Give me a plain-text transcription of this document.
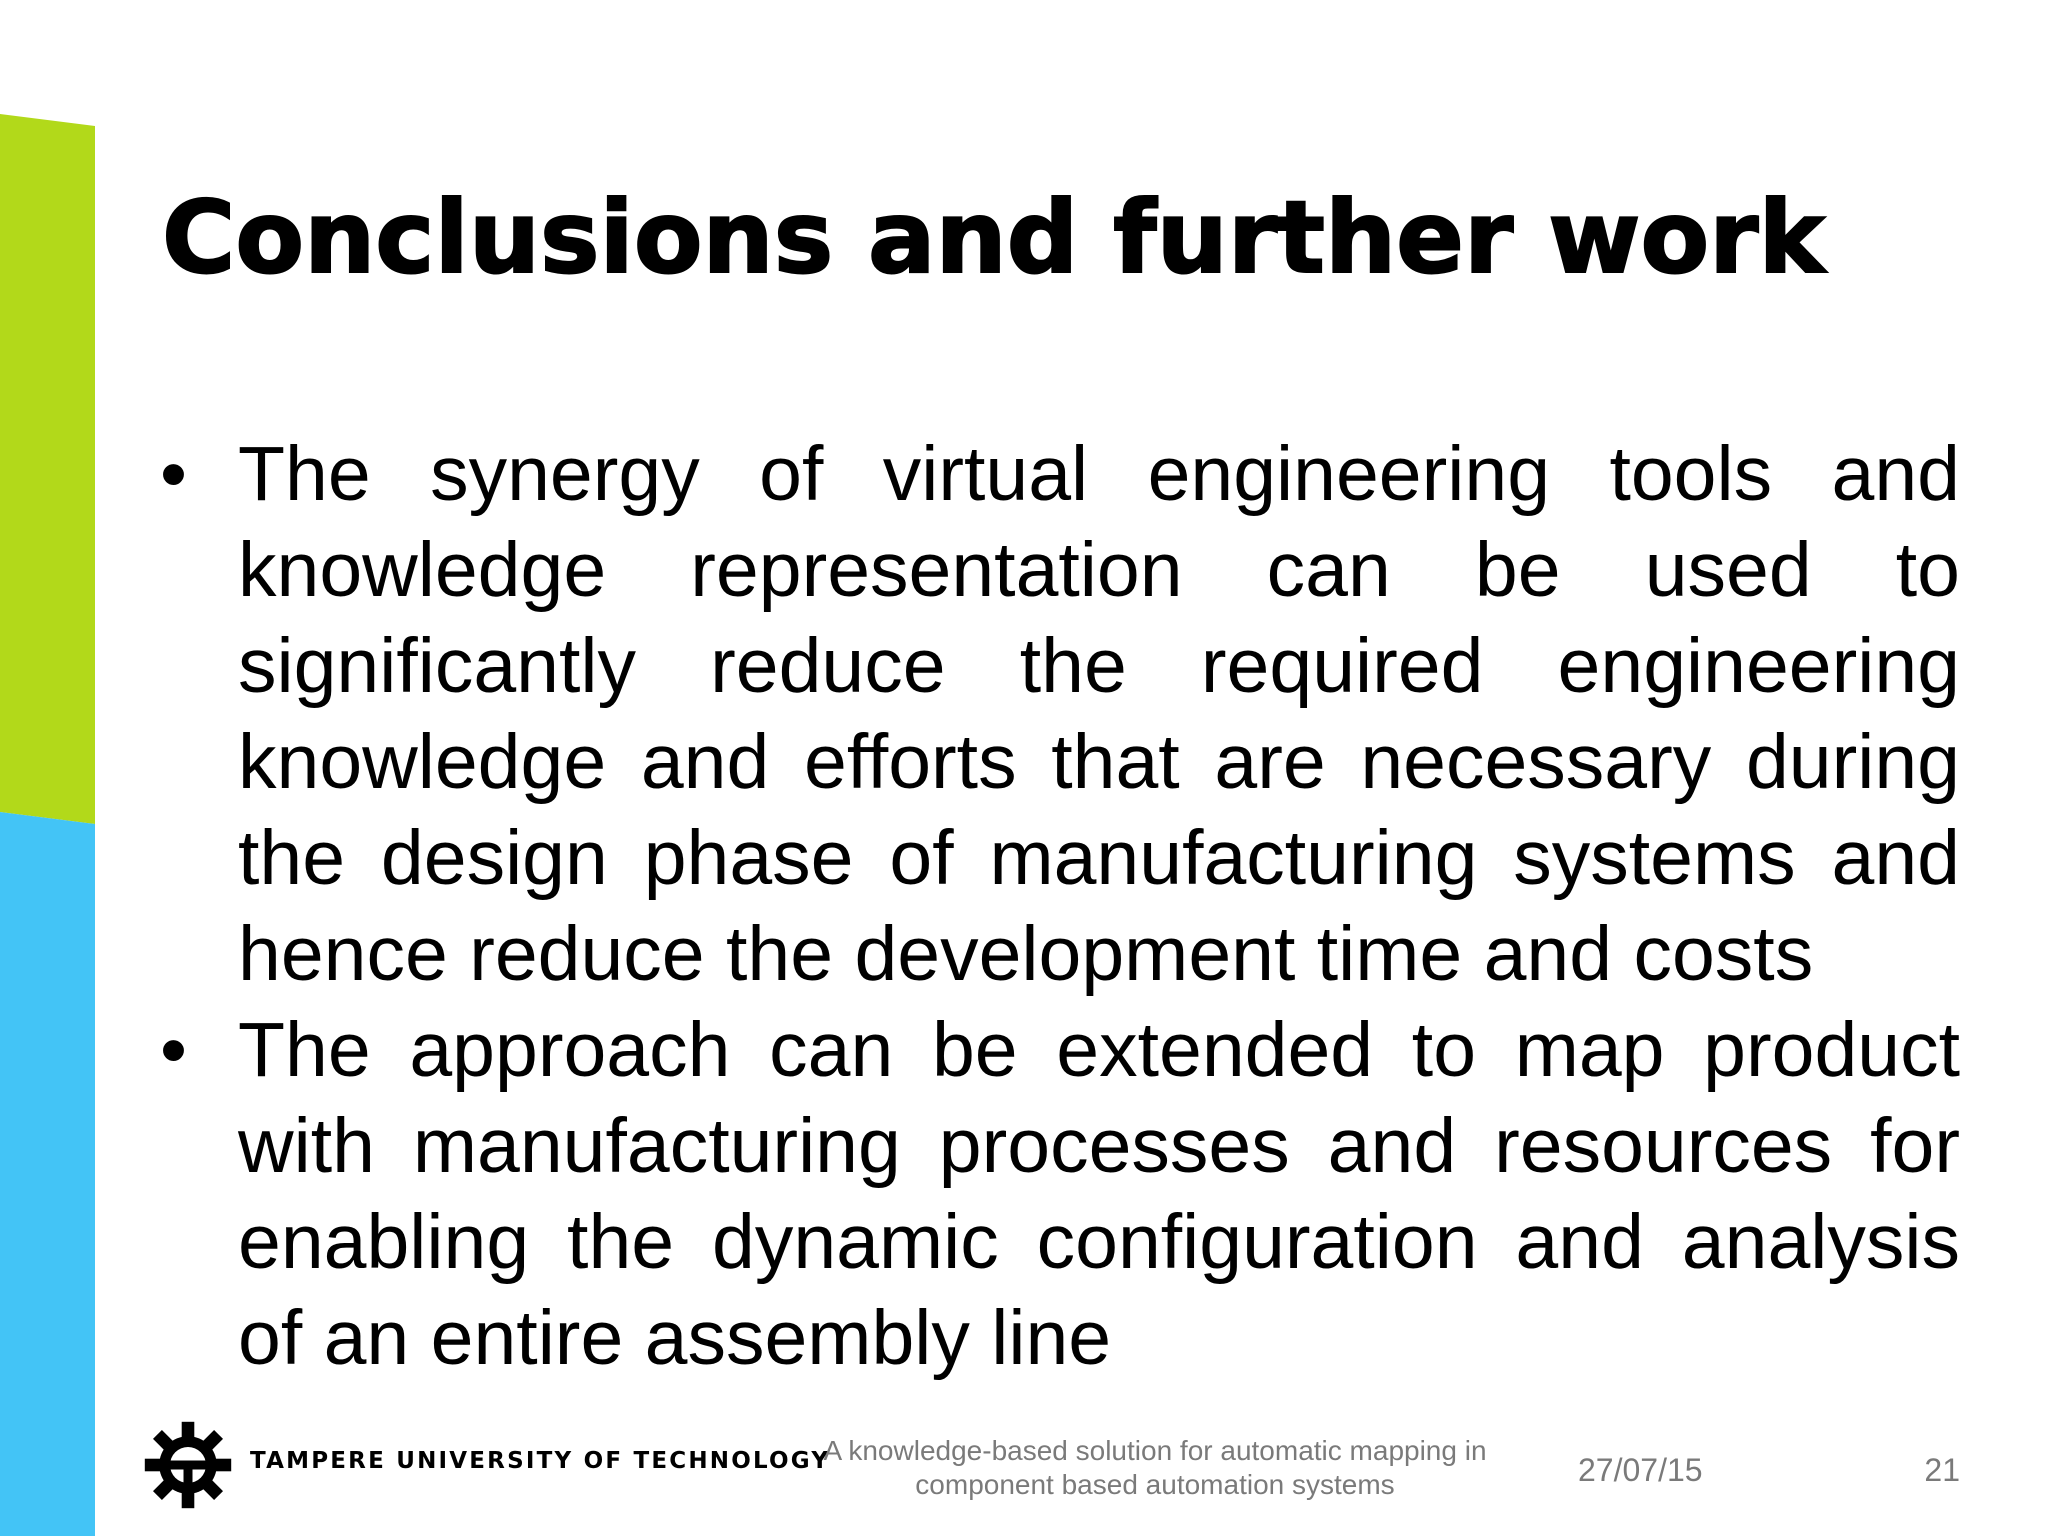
Conclusions and further work
• The synergy of virtual engineering tools and knowledge representation can be used to significantly reduce the required engineering knowledge and efforts that are necessary during the design phase of manufacturing systems and hence reduce the development time and costs
• The approach can be extended to map product with manufacturing processes and resources for enabling the dynamic configuration and analysis of an entire assembly line
TAMPERE UNIVERSITY OF TECHNOLOGY
A knowledge-based solution for automatic mapping in component based automation systems	27/07/15	21
